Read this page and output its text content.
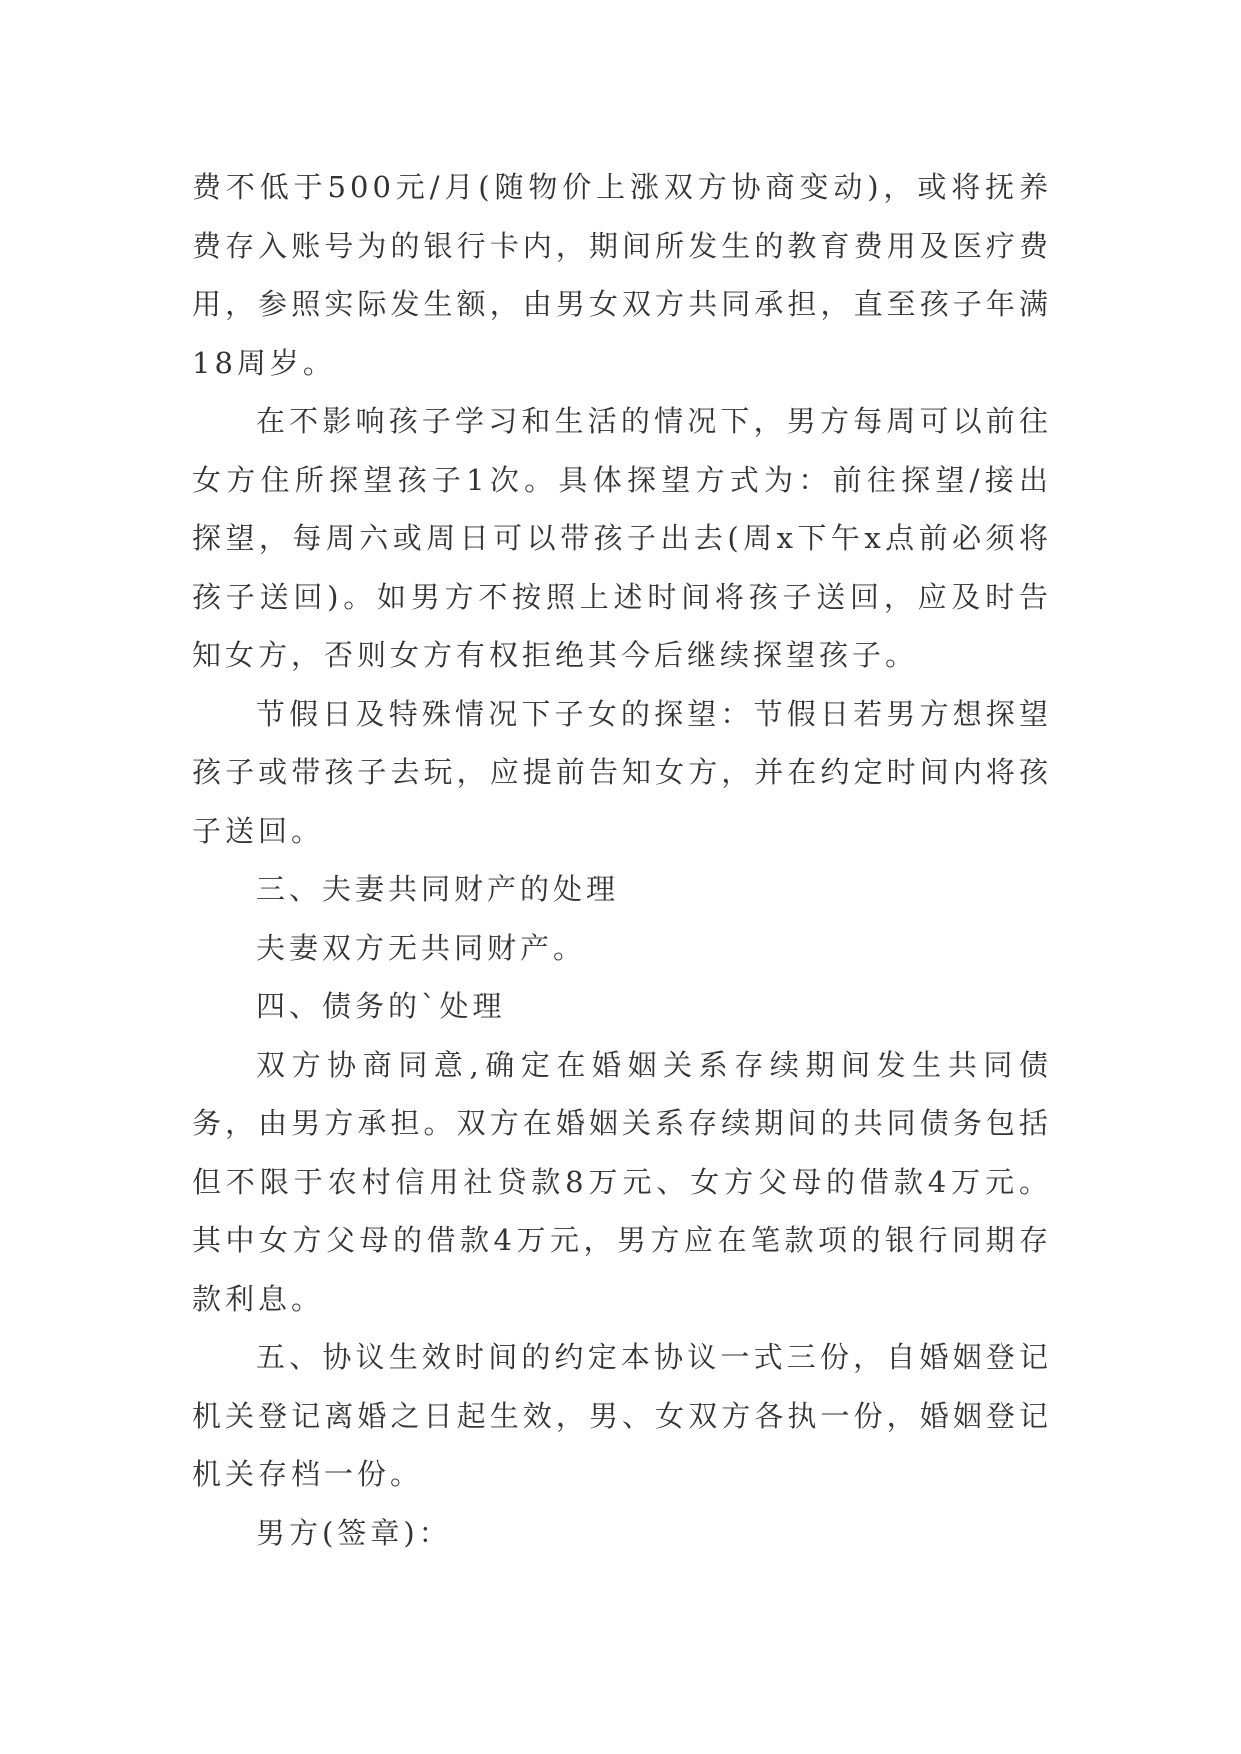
费不低于500元/月(随物价上涨双方协商变动)，或将抚养费存入账号为的银行卡内，期间所发生的教育费用及医疗费用，参照实际发生额，由男女双方共同承担，直至孩子年满18周岁。

在不影响孩子学习和生活的情况下，男方每周可以前往女方住所探望孩子1次。具体探望方式为：前往探望/接出探望，每周六或周日可以带孩子出去(周x下午x点前必须将孩子送回)。如男方不按照上述时间将孩子送回，应及时告知女方，否则女方有权拒绝其今后继续探望孩子。

节假日及特殊情况下子女的探望：节假日若男方想探望孩子或带孩子去玩，应提前告知女方，并在约定时间内将孩子送回。

三、夫妻共同财产的处理

夫妻双方无共同财产。

四、债务的`处理

双方协商同意,确定在婚姻关系存续期间发生共同债务，由男方承担。双方在婚姻关系存续期间的共同债务包括但不限于农村信用社贷款8万元、女方父母的借款4万元。其中女方父母的借款4万元，男方应在笔款项的银行同期存款利息。

五、协议生效时间的约定本协议一式三份，自婚姻登记机关登记离婚之日起生效，男、女双方各执一份，婚姻登记机关存档一份。

男方(签章)：
